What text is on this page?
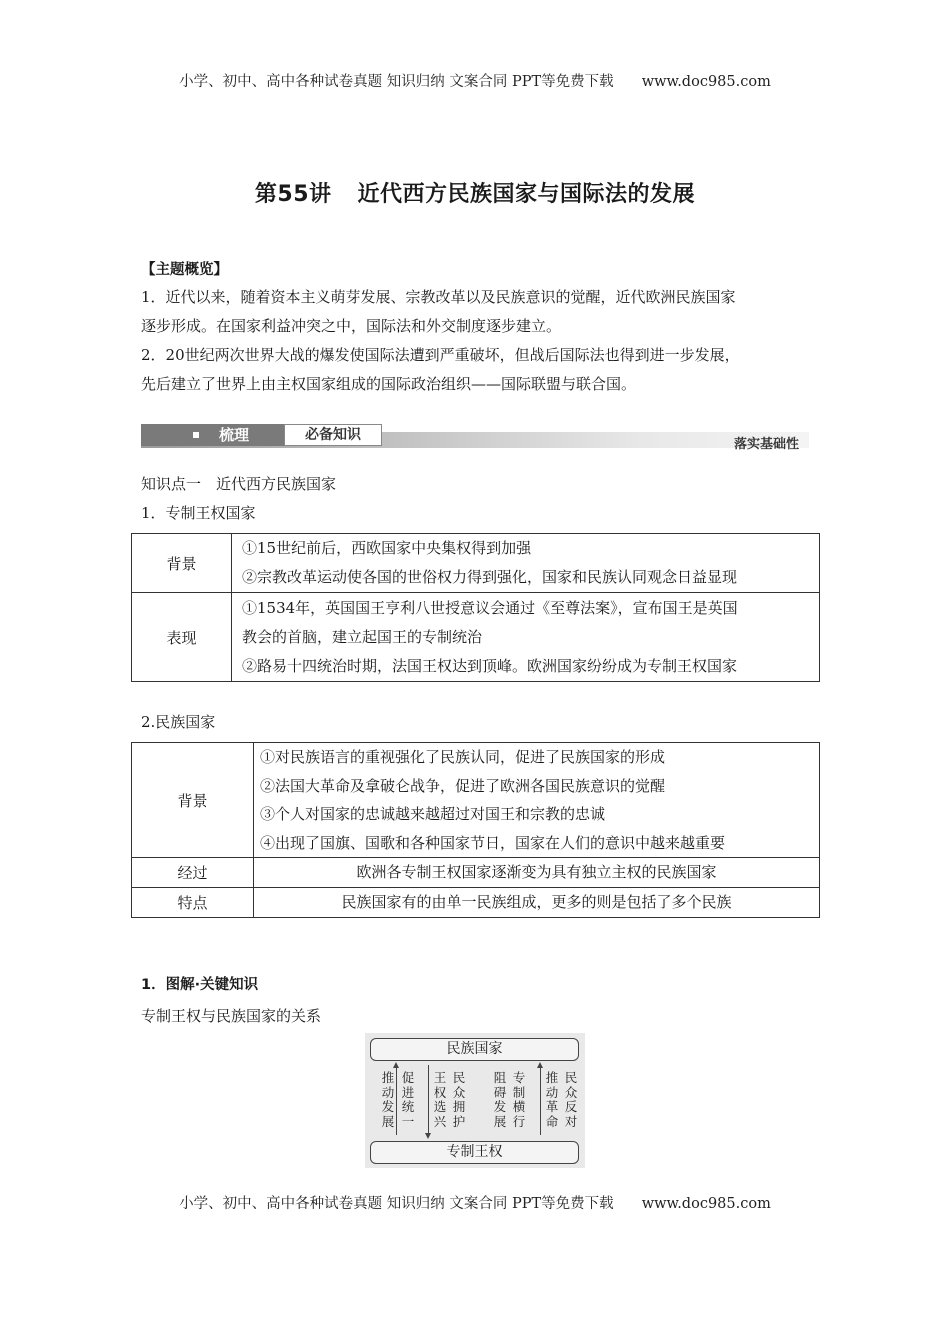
小学、初中、高中各种试卷真题 知识归纳 文案合同 PPT等免费下载 www.doc985.com
第55讲 近代西方民族国家与国际法的发展
【主题概览】
1．近代以来，随着资本主义萌芽发展、宗教改革以及民族意识的觉醒，近代欧洲民族国家
逐步形成。在国家利益冲突之中，国际法和外交制度逐步建立。
2．20世纪两次世界大战的爆发使国际法遭到严重破坏，但战后国际法也得到进一步发展，
先后建立了世界上由主权国家组成的国际政治组织——国际联盟与联合国。
梳理	必备知识
落实基础性
知识点一　近代西方民族国家
1．专制王权国家
背景	①15世纪前后，西欧国家中央集权得到加强
②宗教改革运动使各国的世俗权力得到强化，国家和民族认同观念日益显现

表现	①1534年，英国国王亨利八世授意议会通过《至尊法案》，宣布国王是英国
教会的首脑，建立起国王的专制统治
②路易十四统治时期，法国王权达到顶峰。欧洲国家纷纷成为专制王权国家
2.民族国家
背景	①对民族语言的重视强化了民族认同，促进了民族国家的形成
②法国大革命及拿破仑战争，促进了欧洲各国民族意识的觉醒
③个人对国家的忠诚越来越超过对国王和宗教的忠诚
④出现了国旗、国歌和各种国家节日，国家在人们的意识中越来越重要

经过	欧洲各专制王权国家逐渐变为具有独立主权的民族国家
特点	民族国家有的由单一民族组成，更多的则是包括了多个民族
1．图解·关键知识
专制王权与民族国家的关系
民族国家
专制王权
推动发展
促进统一
王权选兴
民众拥护
阻碍发展
专制横行
推动革命
民众反对
小学、初中、高中各种试卷真题 知识归纳 文案合同 PPT等免费下载 www.doc985.com
